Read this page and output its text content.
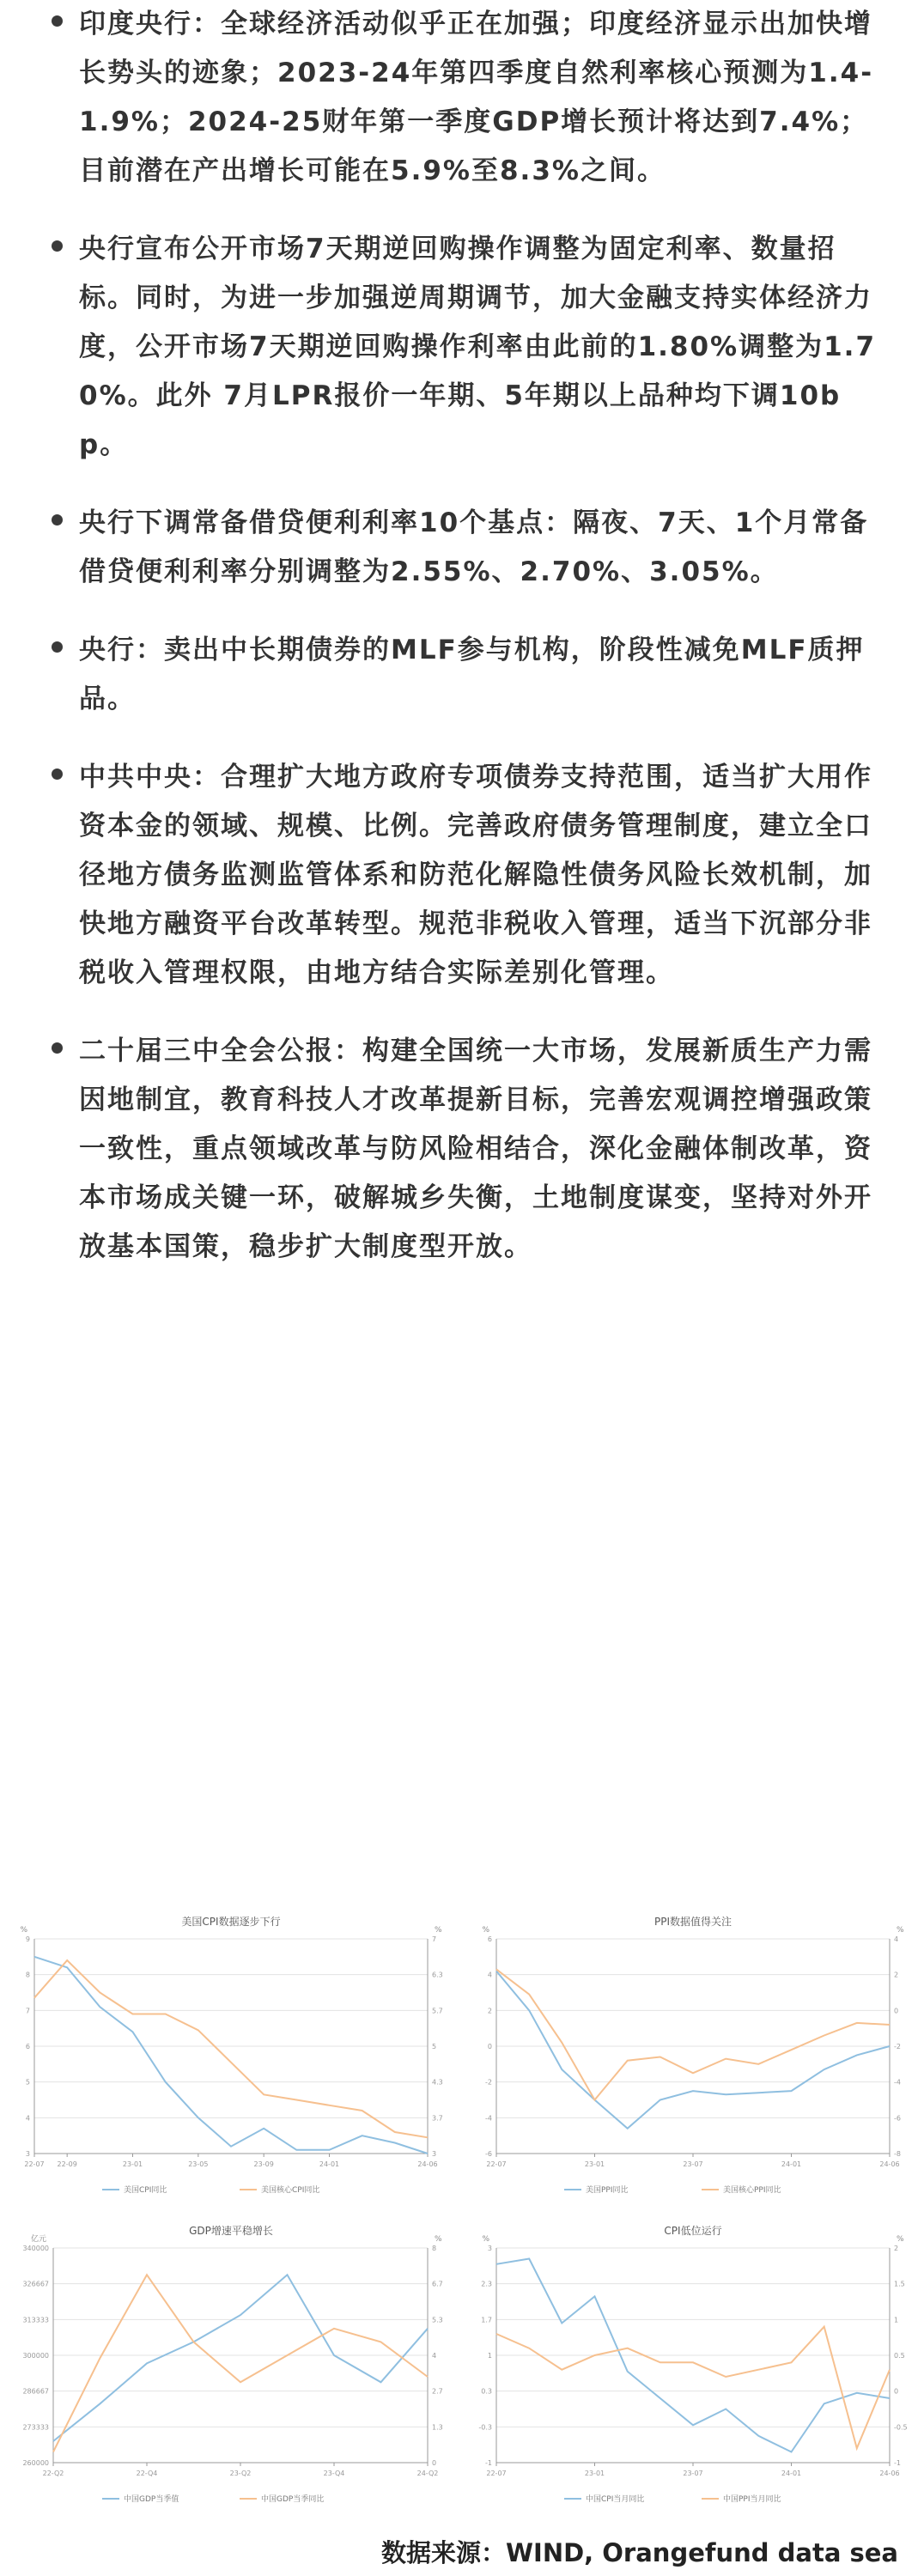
印度央行：全球经济活动似乎正在加强；印度经济显示出加快增长势头的迹象；2023-24年第四季度自然利率核心预测为1.4-1.9%；2024-25财年第一季度GDP增长预计将达到7.4%；目前潜在产出增长可能在5.9%至8.3%之间。
央行宣布公开市场7天期逆回购操作调整为固定利率、数量招标。同时，为进一步加强逆周期调节，加大金融支持实体经济力度，公开市场7天期逆回购操作利率由此前的1.80%调整为1.70%。此外 7月LPR报价一年期、5年期以上品种均下调10bp。
央行下调常备借贷便利利率10个基点：隔夜、7天、1个月常备借贷便利利率分别调整为2.55%、2.70%、3.05%。
央行：卖出中长期债券的MLF参与机构，阶段性减免MLF质押品。
中共中央：合理扩大地方政府专项债券支持范围，适当扩大用作资本金的领域、规模、比例。完善政府债务管理制度，建立全口径地方债务监测监管体系和防范化解隐性债务风险长效机制，加快地方融资平台改革转型。规范非税收入管理，适当下沉部分非税收入管理权限，由地方结合实际差别化管理。
二十届三中全会公报：构建全国统一大市场，发展新质生产力需因地制宜，教育科技人才改革提新目标，完善宏观调控增强政策一致性，重点领域改革与防风险相结合，深化金融体制改革，资本市场成关键一环，破解城乡失衡，土地制度谋变，坚持对外开放基本国策，稳步扩大制度型开放。
美国CPI数据逐步下行
%	%
3	3
4	3.7
5	4.3
6	5
7	5.7
8	6.3
9	7
22-07 22-09	23-01	23-05	23-09	24-01	24-06
美国CPI同比	美国核心CPI同比
PPI数据值得关注
%	%
-6	-8
-4	-6
-2	-4
0	-2
2	0
4	2
6	4
22-07	23-01	23-07	24-01	24-06
美国PPI同比	美国核心PPI同比
GDP增速平稳增长
亿元	%
260000	0
273333	1.3
286667	2.7
300000	4
313333	5.3
326667	6.7
340000	8
22-Q2	22-Q4	23-Q2	23-Q4	24-Q2
中国GDP当季值	中国GDP当季同比
CPI低位运行
%	%
-1	-1
-0.3	-0.5
0.3	0
1	0.5
1.7	1
2.3	1.5
3	2
22-07	23-01	23-07	24-01	24-06
中国CPI当月同比	中国PPI当月同比
数据来源：WIND, Orangefund data sea
